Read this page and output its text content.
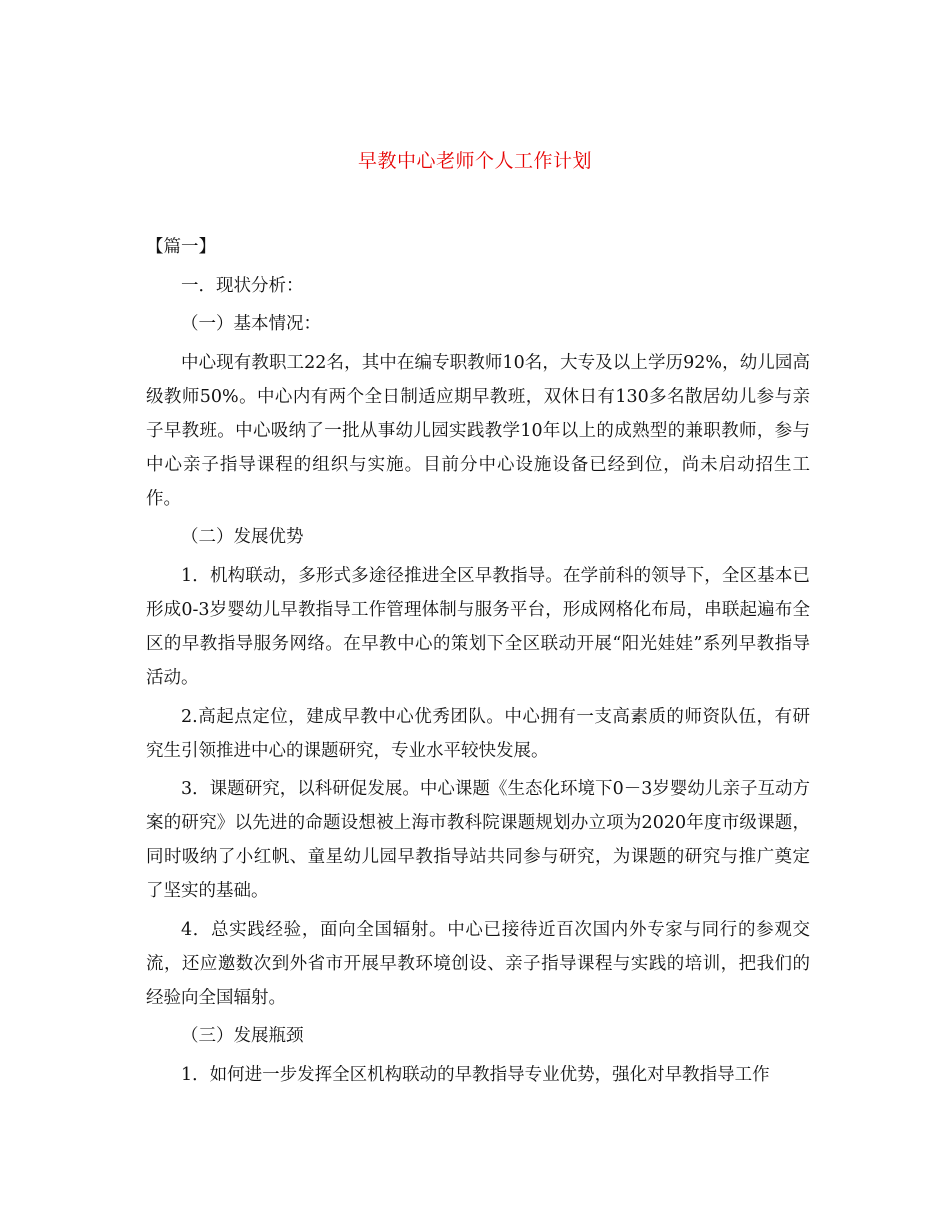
早教中心老师个人工作计划

【篇一】

一．现状分析：

（一）基本情况：

中心现有教职工22名，其中在编专职教师10名，大专及以上学历92%，幼儿园高级教师50%。中心内有两个全日制适应期早教班，双休日有130多名散居幼儿参与亲子早教班。中心吸纳了一批从事幼儿园实践教学10年以上的成熟型的兼职教师，参与中心亲子指导课程的组织与实施。目前分中心设施设备已经到位，尚未启动招生工作。

（二）发展优势

1．机构联动，多形式多途径推进全区早教指导。在学前科的领导下，全区基本已形成0-3岁婴幼儿早教指导工作管理体制与服务平台，形成网格化布局，串联起遍布全区的早教指导服务网络。在早教中心的策划下全区联动开展“阳光娃娃”系列早教指导活动。

2.高起点定位，建成早教中心优秀团队。中心拥有一支高素质的师资队伍，有研究生引领推进中心的课题研究，专业水平较快发展。

3．课题研究，以科研促发展。中心课题《生态化环境下0－3岁婴幼儿亲子互动方案的研究》以先进的命题设想被上海市教科院课题规划办立项为2020年度市级课题，同时吸纳了小红帆、童星幼儿园早教指导站共同参与研究，为课题的研究与推广奠定了坚实的基础。

4．总实践经验，面向全国辐射。中心已接待近百次国内外专家与同行的参观交流，还应邀数次到外省市开展早教环境创设、亲子指导课程与实践的培训，把我们的经验向全国辐射。

（三）发展瓶颈

1．如何进一步发挥全区机构联动的早教指导专业优势，强化对早教指导工作
